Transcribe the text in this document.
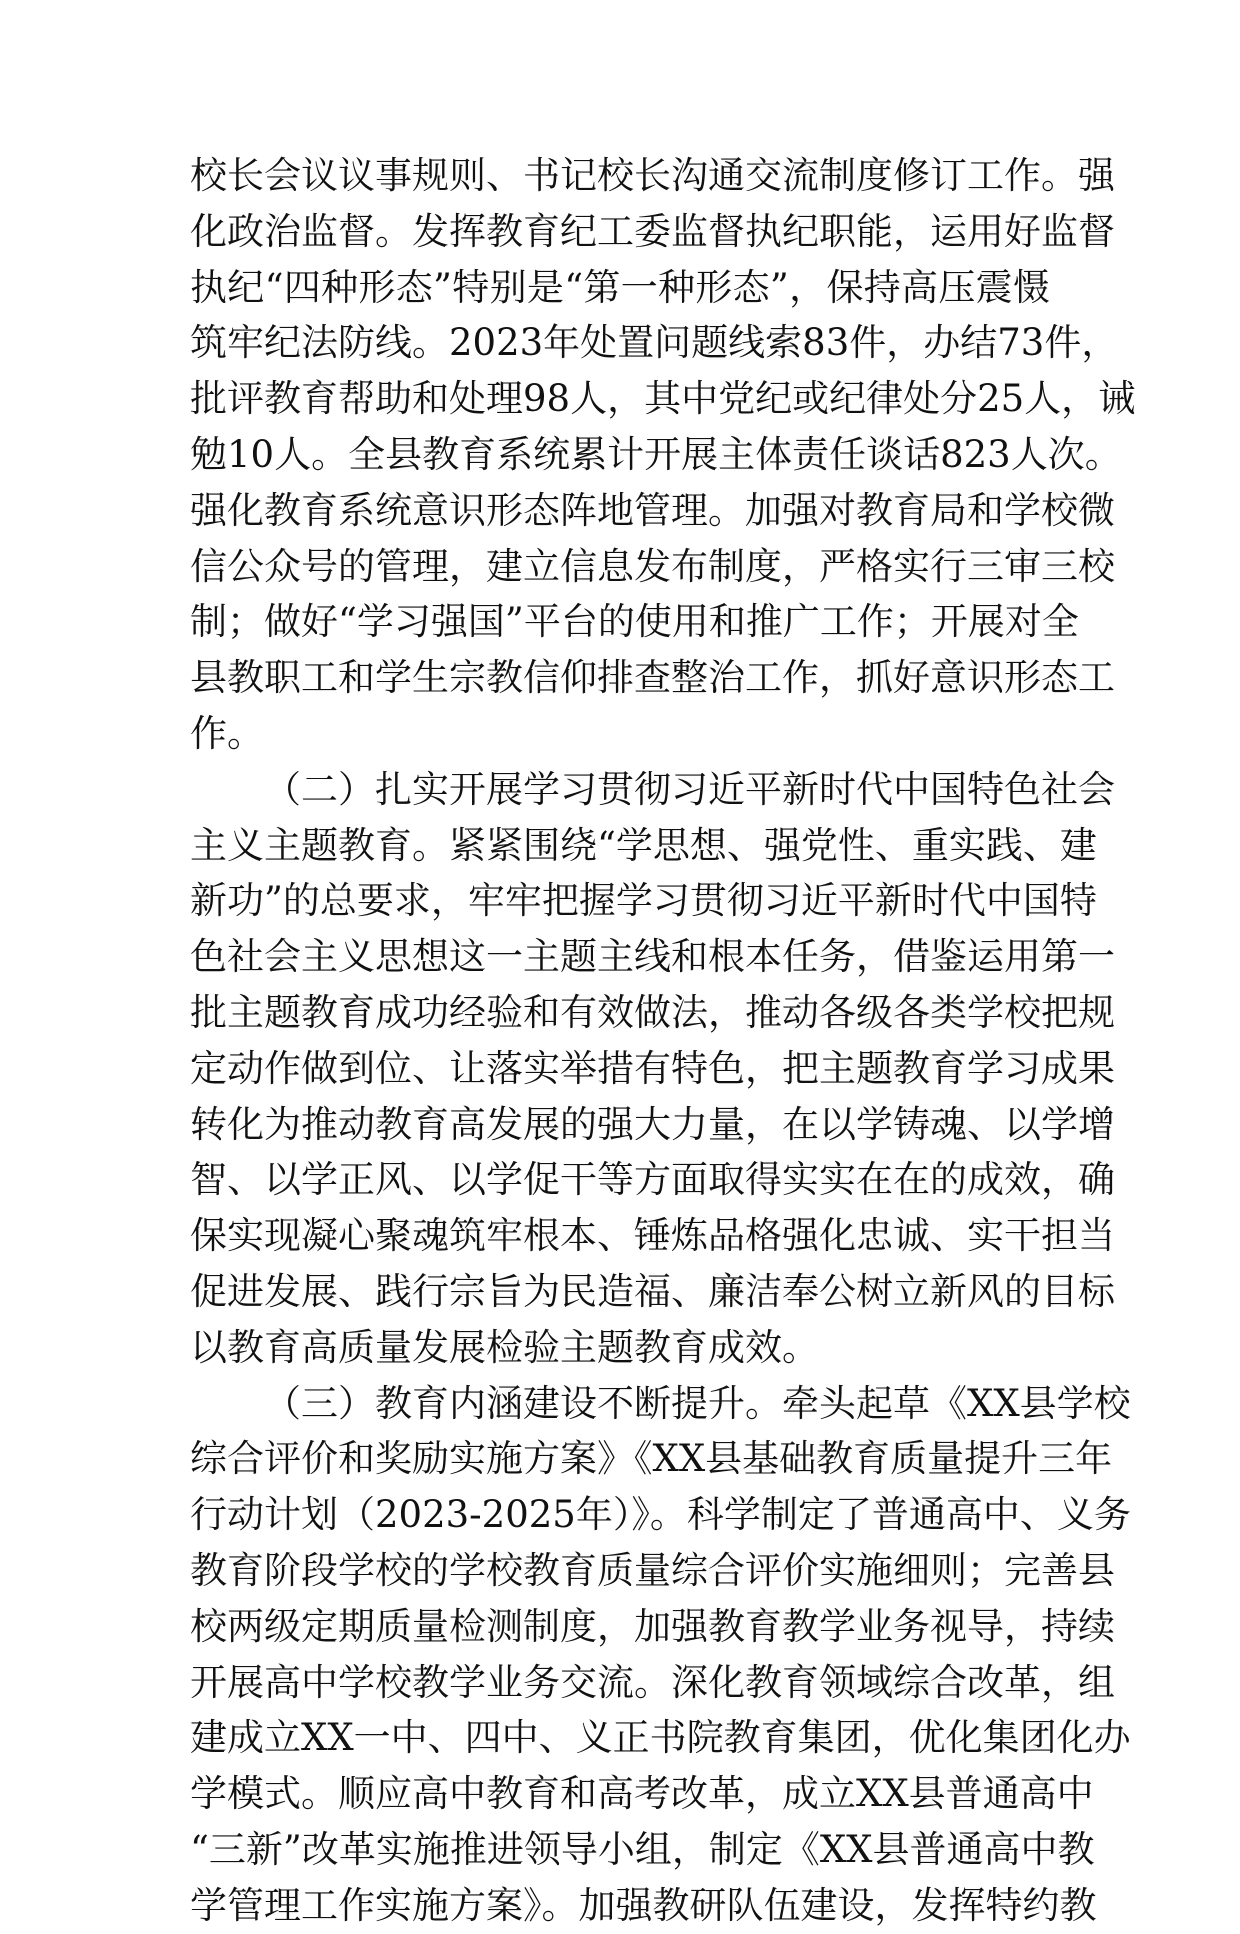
校长会议议事规则、书记校长沟通交流制度修订工作。强
化政治监督。发挥教育纪工委监督执纪职能，运用好监督
执纪“四种形态”特别是“第一种形态”，保持高压震慑
筑牢纪法防线。2023年处置问题线索83件，办结73件，
批评教育帮助和处理98人，其中党纪或纪律处分25人，诫
勉10人。全县教育系统累计开展主体责任谈话823人次。
强化教育系统意识形态阵地管理。加强对教育局和学校微
信公众号的管理，建立信息发布制度，严格实行三审三校
制；做好“学习强国”平台的使用和推广工作；开展对全
县教职工和学生宗教信仰排查整治工作，抓好意识形态工
作。
（二）扎实开展学习贯彻习近平新时代中国特色社会
主义主题教育。紧紧围绕“学思想、强党性、重实践、建
新功”的总要求，牢牢把握学习贯彻习近平新时代中国特
色社会主义思想这一主题主线和根本任务，借鉴运用第一
批主题教育成功经验和有效做法，推动各级各类学校把规
定动作做到位、让落实举措有特色，把主题教育学习成果
转化为推动教育高发展的强大力量，在以学铸魂、以学增
智、以学正风、以学促干等方面取得实实在在的成效，确
保实现凝心聚魂筑牢根本、锤炼品格强化忠诚、实干担当
促进发展、践行宗旨为民造福、廉洁奉公树立新风的目标
以教育高质量发展检验主题教育成效。
（三）教育内涵建设不断提升。牵头起草《XX县学校
综合评价和奖励实施方案》《XX县基础教育质量提升三年
行动计划（2023-2025年）》。科学制定了普通高中、义务
教育阶段学校的学校教育质量综合评价实施细则；完善县
校两级定期质量检测制度，加强教育教学业务视导，持续
开展高中学校教学业务交流。深化教育领域综合改革，组
建成立XX一中、四中、义正书院教育集团，优化集团化办
学模式。顺应高中教育和高考改革，成立XX县普通高中
“三新”改革实施推进领导小组，制定《XX县普通高中教
学管理工作实施方案》。加强教研队伍建设，发挥特约教
